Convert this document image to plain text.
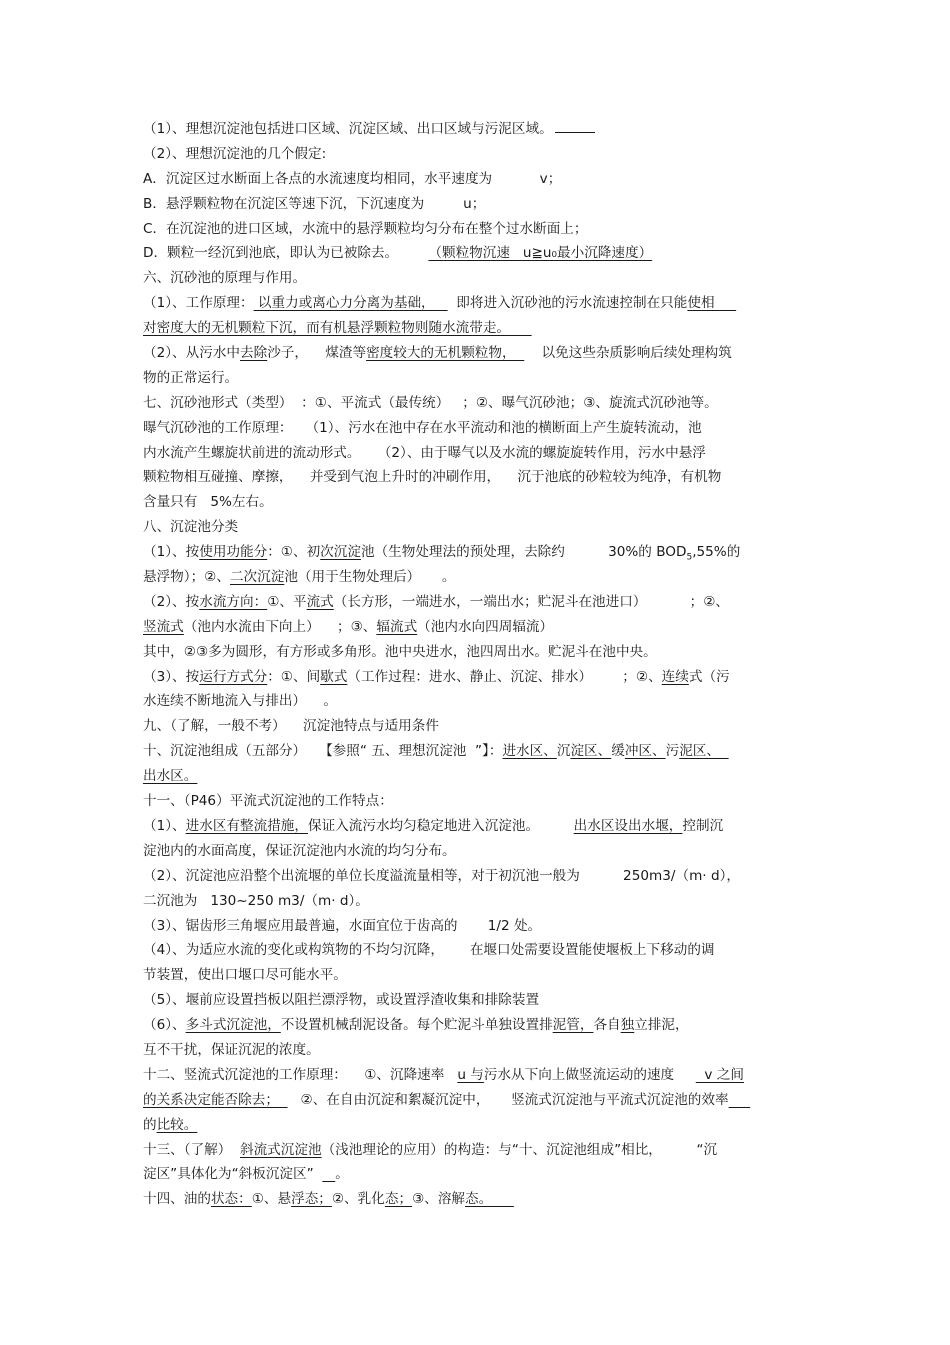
（1）、理想沉淀池包括进口区域、沉淀区域、出口区域与污泥区域。
（2）、理想沉淀池的几个假定:
A．沉淀区过水断面上各点的水流速度均相同，水平速度为           v；
B．悬浮颗粒物在沉淀区等速下沉，下沉速度为         u；
C．在沉淀池的进口区域，水流中的悬浮颗粒均匀分布在整个过水断面上；
D．颗粒一经沉到池底，即认为已被除去。       （颗粒物沉速   u≧u₀最小沉降速度）
六、沉砂池的原理与作用。
（1）、工作原理： 以重力或离心力分离为基础，     即将进入沉砂池的污水流速控制在只能使相
对密度大的无机颗粒下沉，而有机悬浮颗粒物则随水流带走。
（2）、从污水中去除沙子，    煤渣等密度较大的无机颗粒物，      以免这些杂质影响后续处理构筑
物的正常运行。
七、沉砂池形式（类型）  ：①、平流式（最传统）   ；②、曝气沉砂池；③、旋流式沉砂池等。
曝气沉砂池的工作原理：   （1）、污水在池中存在水平流动和池的横断面上产生旋转流动，池
内水流产生螺旋状前进的流动形式。    （2）、由于曝气以及水流的螺旋旋转作用，污水中悬浮
颗粒物相互碰撞、摩擦，    并受到气泡上升时的冲刷作用，    沉于池底的砂粒较为纯净，有机物
含量只有   5%左右。
八、沉淀池分类
（1）、按使用功能分：①、初次沉淀池（生物处理法的预处理，去除约          30%的 $BOD_5,55\%$的
悬浮物）；②、二次沉淀池（用于生物处理后）     。
（2）、按水流方向：①、平流式（长方形，一端进水，一端出水；贮泥斗在池进口）          ；②、
竖流式（池内水流由下向上）    ；③、辐流式（池内水向四周辐流）
其中，②③多为圆形，有方形或多角形。池中央进水，池四周出水。贮泥斗在池中央。
（3）、按运行方式分：①、间歇式（工作过程：进水、静止、沉淀、排水）       ；②、连续式（污
水连续不断地流入与排出）    。
九、（了解，一般不考）    沉淀池特点与适用条件
十、沉淀池组成（五部分）   【参照“ 五、理想沉淀池  ”】：进水区、沉淀区、缓冲区、污泥区、
出水区。
十一、（P46）平流式沉淀池的工作特点：
（1）、进水区有整流措施，保证入流污水均匀稳定地进入沉淀池。        出水区设出水堰，控制沉
淀池内的水面高度，保证沉淀池内水流的均匀分布。
（2）、沉淀池应沿整个出流堰的单位长度溢流量相等，对于初沉池一般为          250m3/（m· d），
二沉池为   130~250 m3/（m· d）。
（3）、锯齿形三角堰应用最普遍，水面宜位于齿高的       1/2 处。
（4）、为适应水流的变化或构筑物的不均匀沉降，      在堰口处需要设置能使堰板上下移动的调
节装置，使出口堰口尽可能水平。
（5）、堰前应设置挡板以阻拦漂浮物，或设置浮渣收集和排除装置
（6）、多斗式沉淀池，不设置机械刮泥设备。每个贮泥斗单独设置排泥管，各自独立排泥，
互不干扰，保证沉泥的浓度。
十二、竖流式沉淀池的工作原理：    ①、沉降速率   u 与污水从下向上做竖流运动的速度       v 之间
的关系决定能否除去；     ②、在自由沉淀和絮凝沉淀中，     竖流式沉淀池与平流式沉淀池的效率
的比较。
十三、（了解）  斜流式沉淀池（浅池理论的应用）的构造：与“十、沉淀池组成”相比，        “沉
淀区”具体化为“斜板沉淀区”     。
十四、油的状态：①、悬浮态；②、乳化态；③、溶解态。
